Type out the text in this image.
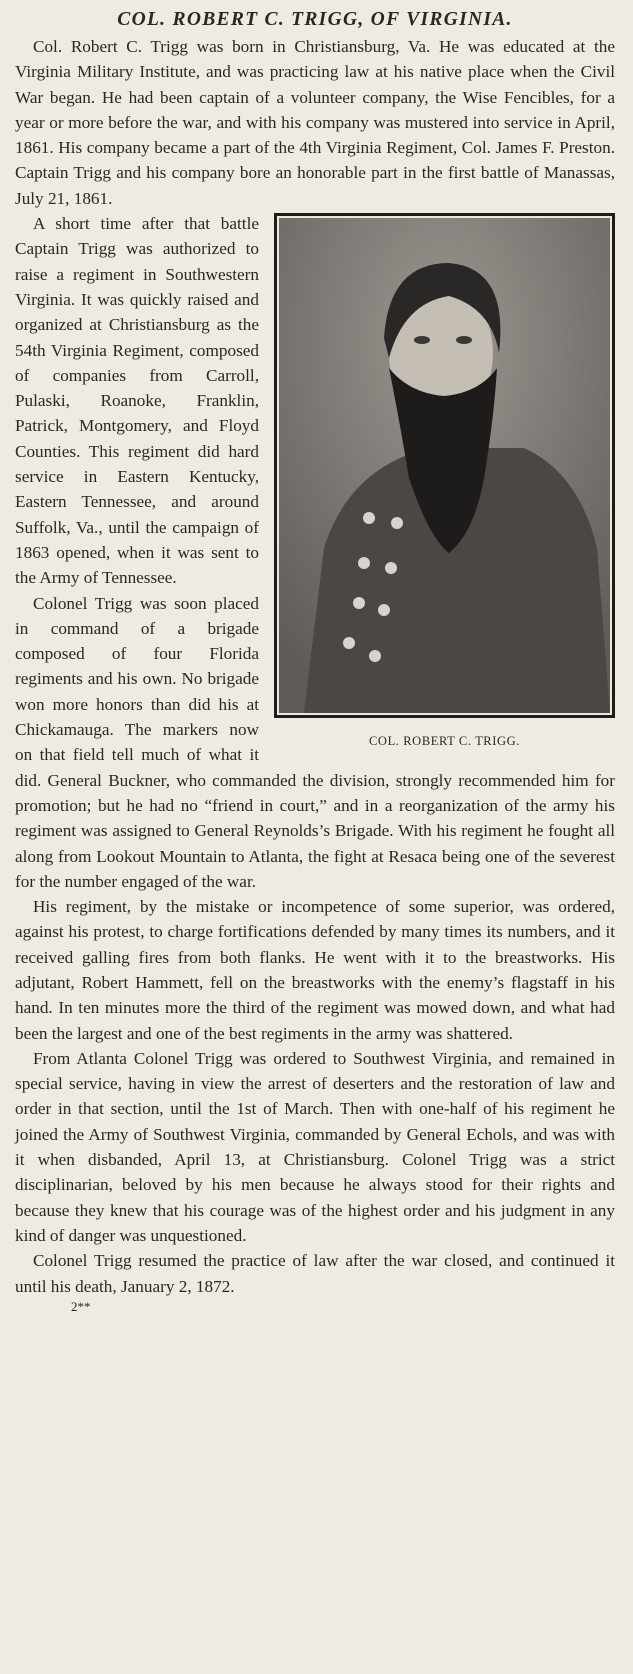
COL. ROBERT C. TRIGG, OF VIRGINIA.

Col. Robert C. Trigg was born in Christiansburg, Va. He was educated at the Virginia Military Institute, and was practicing law at his native place when the Civil War began. He had been captain of a volunteer company, the Wise Fencibles, for a year or more before the war, and with his company was mustered into service in April, 1861. His company became a part of the 4th Virginia Regiment, Col. James F. Preston. Captain Trigg and his company bore an honorable part in the first battle of Manassas, July 21, 1861.

COL. ROBERT C. TRIGG.

A short time after that battle Captain Trigg was authorized to raise a regiment in Southwestern Virginia. It was quickly raised and organized at Christiansburg as the 54th Virginia Regiment, composed of companies from Carroll, Pulaski, Roanoke, Franklin, Patrick, Montgomery, and Floyd Counties. This regiment did hard service in Eastern Kentucky, Eastern Tennessee, and around Suffolk, Va., until the campaign of 1863 opened, when it was sent to the Army of Tennessee.

Colonel Trigg was soon placed in command of a brigade composed of four Florida regiments and his own. No brigade won more honors than did his at Chickamauga. The markers now on that field tell much of what it did. General Buckner, who commanded the division, strongly recommended him for promotion; but he had no “friend in court,” and in a reorganization of the army his regiment was assigned to General Reynolds’s Brigade. With his regiment he fought all along from Lookout Mountain to Atlanta, the fight at Resaca being one of the severest for the number engaged of the war.

His regiment, by the mistake or incompetence of some superior, was ordered, against his protest, to charge fortifications defended by many times its numbers, and it received galling fires from both flanks. He went with it to the breastworks. His adjutant, Robert Hammett, fell on the breastworks with the enemy’s flagstaff in his hand. In ten minutes more the third of the regiment was mowed down, and what had been the largest and one of the best regiments in the army was shattered.

From Atlanta Colonel Trigg was ordered to Southwest Virginia, and remained in special service, having in view the arrest of deserters and the restoration of law and order in that section, until the 1st of March. Then with one-half of his regiment he joined the Army of Southwest Virginia, commanded by General Echols, and was with it when disbanded, April 13, at Christiansburg. Colonel Trigg was a strict disciplinarian, beloved by his men because he always stood for their rights and because they knew that his courage was of the highest order and his judgment in any kind of danger was unquestioned.

Colonel Trigg resumed the practice of law after the war closed, and continued it until his death, January 2, 1872.

2**
